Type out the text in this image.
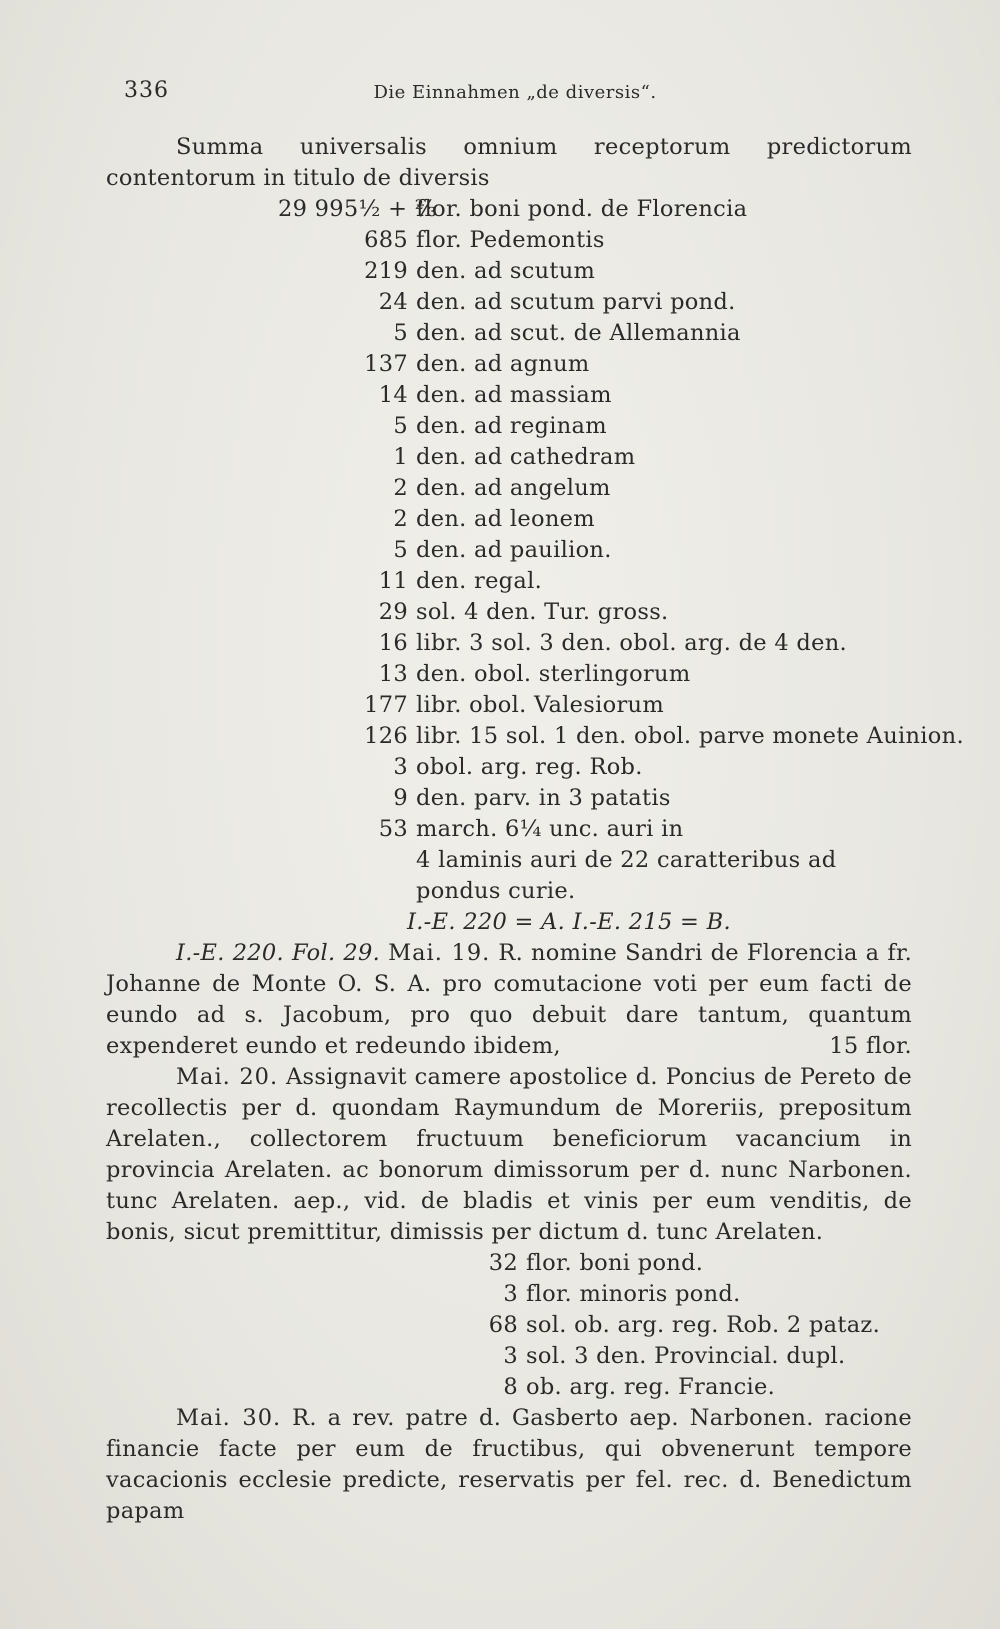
336	Die Einnahmen „de diversis“.

Summa universalis omnium receptorum predictorum contentorum in titulo de diversis

29 995½ + ⅔flor. boni pond. de Florencia
685 flor. Pedemontis
219 den. ad scutum
24 den. ad scutum parvi pond.
5 den. ad scut. de Allemannia
137 den. ad agnum
14 den. ad massiam
5 den. ad reginam
1 den. ad cathedram
2 den. ad angelum
2 den. ad leonem
5 den. ad pauilion.
11 den. regal.
29 sol. 4 den. Tur. gross.
16 libr. 3 sol. 3 den. obol. arg. de 4 den.
13 den. obol. sterlingorum
177 libr. obol. Valesiorum
126 libr. 15 sol. 1 den. obol. parve monete Auinion.
3 obol. arg. reg. Rob.
9 den. parv. in 3 patatis
53 march. 6¼ unc. auri in
4 laminis auri de 22 caratteribus ad pondus curie.

I.-E. 220 = A. I.-E. 215 = B.

I.-E. 220. Fol. 29. Mai. 19. R. nomine Sandri de Florencia a fr. Johanne de Monte O. S. A. pro comutacione voti per eum facti de eundo ad s. Jacobum, pro quo debuit dare tantum, quantum expenderet eundo et redeundo ibidem,	15 flor.

Mai. 20. Assignavit camere apostolice d. Poncius de Pereto de recollectis per d. quondam Raymundum de Moreriis, prepositum Arelaten., collectorem fructuum beneficiorum vacancium in provincia Arelaten. ac bonorum dimissorum per d. nunc Narbonen. tunc Arelaten. aep., vid. de bladis et vinis per eum venditis, de bonis, sicut premittitur, dimissis per dictum d. tunc Arelaten.

32 flor. boni pond.
3 flor. minoris pond.
68 sol. ob. arg. reg. Rob. 2 pataz.
3 sol. 3 den. Provincial. dupl.
8 ob. arg. reg. Francie.

Mai. 30. R. a rev. patre d. Gasberto aep. Narbonen. racione financie facte per eum de fructibus, qui obvenerunt tempore vacacionis ecclesie predicte, reservatis per fel. rec. d. Benedictum papam
